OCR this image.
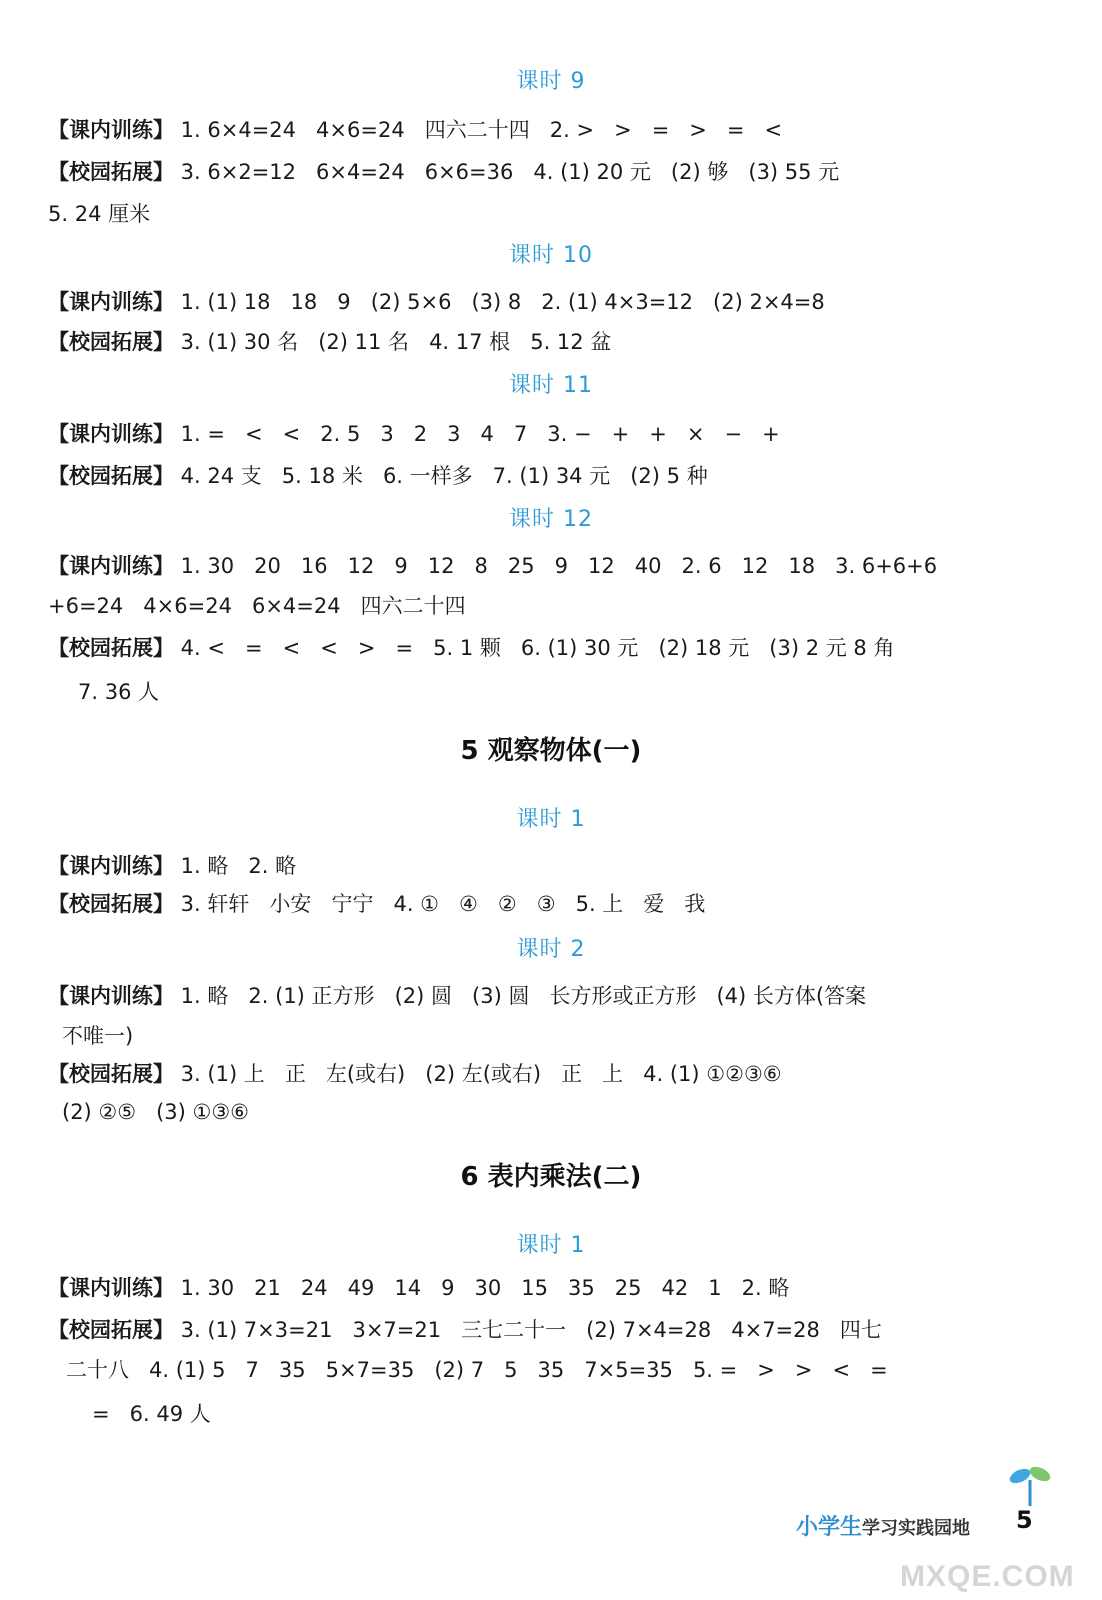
课时 9
【课内训练】 1. 6×4=24   4×6=24   四六二十四   2. >   >   =   >   =   <
【校园拓展】 3. 6×2=12   6×4=24   6×6=36   4. (1) 20 元   (2) 够   (3) 55 元
5. 24 厘米
课时 10
【课内训练】 1. (1) 18   18   9   (2) 5×6   (3) 8   2. (1) 4×3=12   (2) 2×4=8
【校园拓展】 3. (1) 30 名   (2) 11 名   4. 17 根   5. 12 盆
课时 11
【课内训练】 1. =   <   <   2. 5   3   2   3   4   7   3. −   +   +   ×   −   +
【校园拓展】 4. 24 支   5. 18 米   6. 一样多   7. (1) 34 元   (2) 5 种
课时 12
【课内训练】 1. 30   20   16   12   9   12   8   25   9   12   40   2. 6   12   18   3. 6+6+6
+6=24   4×6=24   6×4=24   四六二十四
【校园拓展】 4. <   =   <   <   >   =   5. 1 颗   6. (1) 30 元   (2) 18 元   (3) 2 元 8 角
7. 36 人
5 观察物体(一)
课时 1
【课内训练】 1. 略   2. 略
【校园拓展】 3. 轩轩   小安   宁宁   4. ①   ④   ②   ③   5. 上   爱   我
课时 2
【课内训练】 1. 略   2. (1) 正方形   (2) 圆   (3) 圆   长方形或正方形   (4) 长方体(答案
不唯一)
【校园拓展】 3. (1) 上   正   左(或右)   (2) 左(或右)   正   上   4. (1) ①②③⑥
(2) ②⑤   (3) ①③⑥
6 表内乘法(二)
课时 1
【课内训练】 1. 30   21   24   49   14   9   30   15   35   25   42   1   2. 略
【校园拓展】 3. (1) 7×3=21   3×7=21   三七二十一   (2) 7×4=28   4×7=28   四七
二十八   4. (1) 5   7   35   5×7=35   (2) 7   5   35   7×5=35   5. =   >   >   <   =
=   6. 49 人
小学生学习实践园地 5
MXQE.COM
